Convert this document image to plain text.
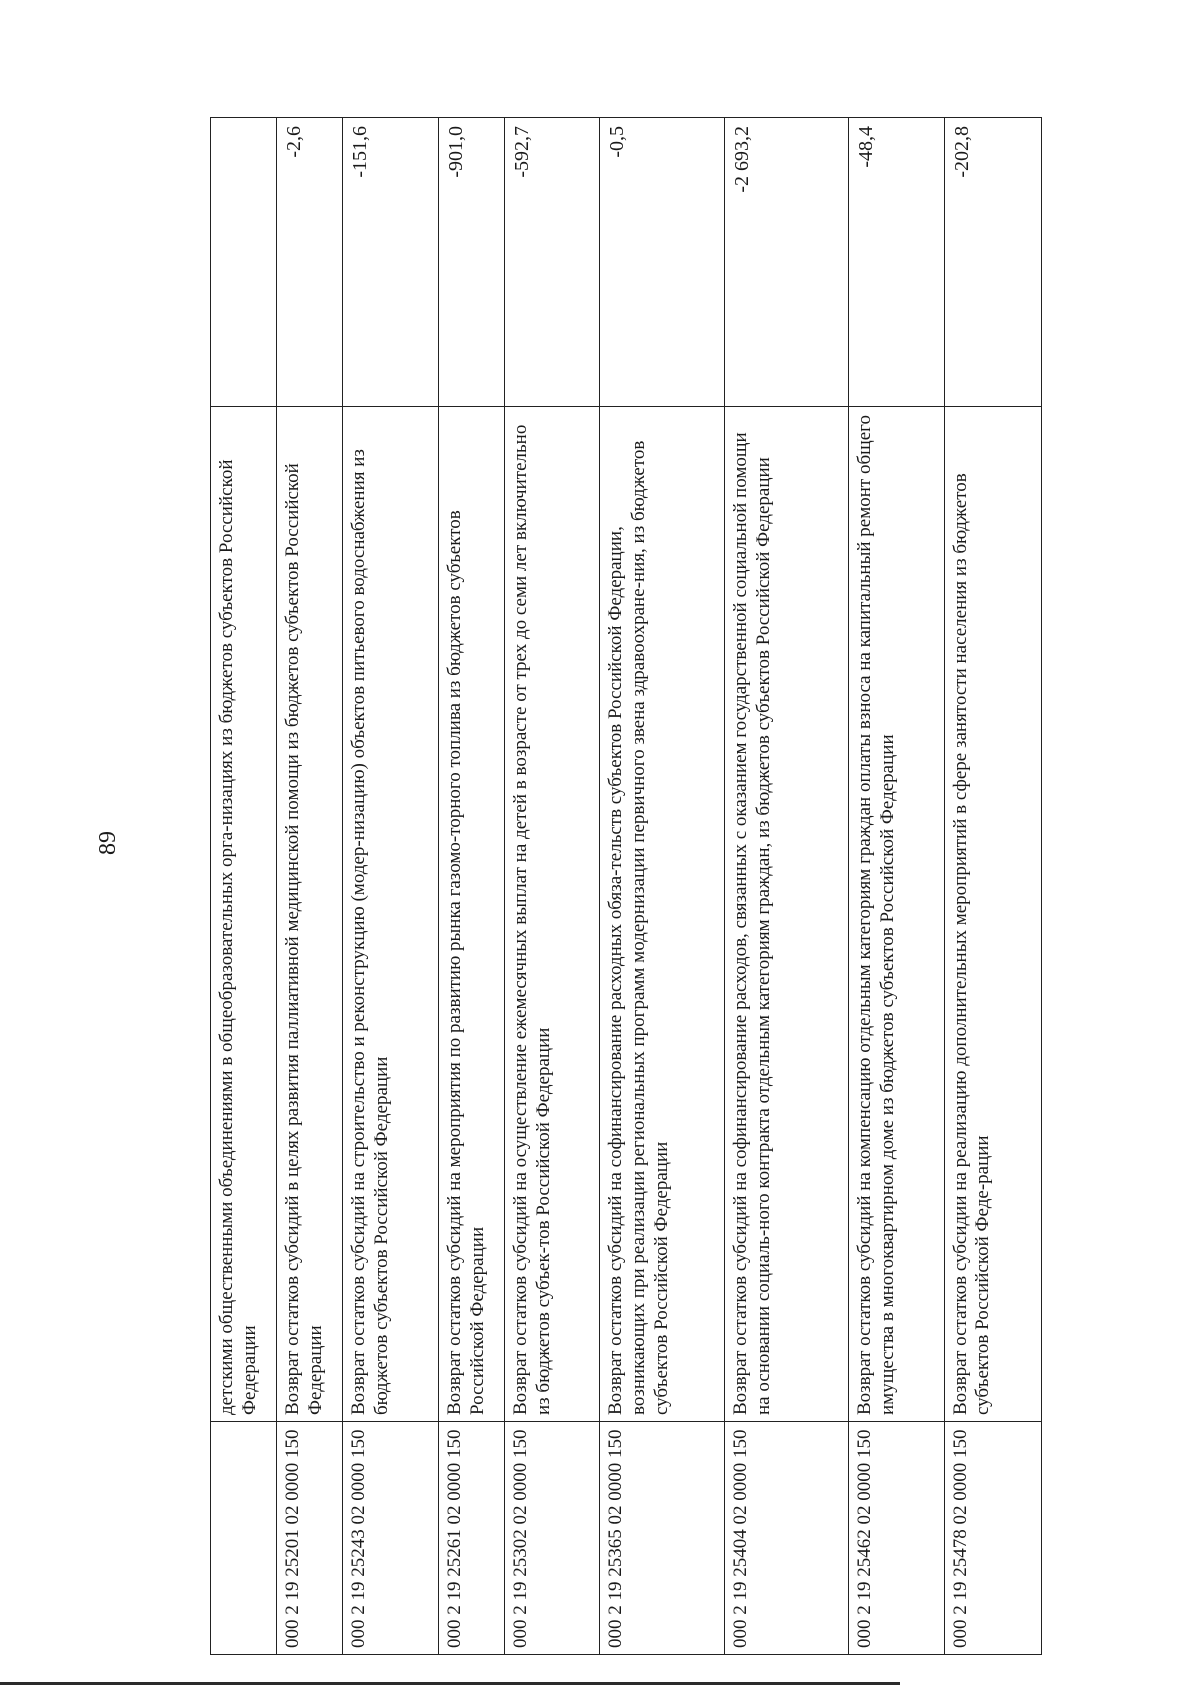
89
		детскими общественными объединениями в общеобразовательных орга-низациях из бюджетов субъектов Российской Федерации	
000 2 19 25201 02 0000 150	Возврат остатков субсидий в целях развития паллиативной медицинской помощи из бюджетов субъектов Российской Федерации	-2,6
000 2 19 25243 02 0000 150	Возврат остатков субсидий на строительство и реконструкцию (модер-низацию) объектов питьевого водоснабжения из бюджетов субъектов Российской Федерации	-151,6
000 2 19 25261 02 0000 150	Возврат остатков субсидий на мероприятия по развитию рынка газомо-торного топлива из бюджетов субъектов Российской Федерации	-901,0
000 2 19 25302 02 0000 150	Возврат остатков субсидий на осуществление ежемесячных выплат на детей в возрасте от трех до семи лет включительно из бюджетов субъек-тов Российской Федерации	-592,7
000 2 19 25365 02 0000 150	Возврат остатков субсидий на софинансирование расходных обяза-тельств субъектов Российской Федерации, возникающих при реализации региональных программ модернизации первичного звена здравоохране-ния, из бюджетов субъектов Российской Федерации	-0,5
000 2 19 25404 02 0000 150	Возврат остатков субсидий на софинансирование расходов, связанных с оказанием государственной социальной помощи на основании социаль-ного контракта отдельным категориям граждан, из бюджетов субъектов Российской Федерации	-2 693,2
000 2 19 25462 02 0000 150	Возврат остатков субсидий на компенсацию отдельным категориям граждан оплаты взноса на капитальный ремонт общего имущества в многоквартирном доме из бюджетов субъектов Российской Федерации	-48,4
000 2 19 25478 02 0000 150	Возврат остатков субсидии на реализацию дополнительных мероприятий в сфере занятости населения из бюджетов субъектов Российской Феде-рации	-202,8
